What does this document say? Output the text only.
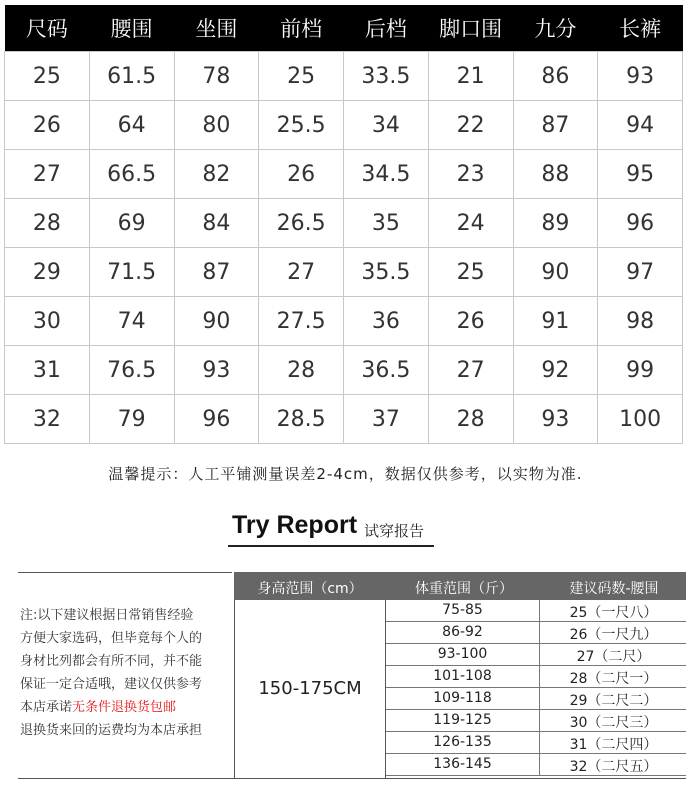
尺码	腰围	坐围	前档	后档	脚口围	九分	长裤
25	61.5	78	25	33.5	21	86	93
26	64	80	25.5	34	22	87	94
27	66.5	82	26	34.5	23	88	95
28	69	84	26.5	35	24	89	96
29	71.5	87	27	35.5	25	90	97
30	74	90	27.5	36	26	91	98
31	76.5	93	28	36.5	27	92	99
32	79	96	28.5	37	28	93	100
温馨提示：人工平铺测量误差2-4cm，数据仅供参考，以实物为准.
Try Report 试穿报告
身高范围（cm）	体重范围（斤）	建议码数-腰围
注:以下建议根据日常销售经验
方便大家选码，但毕竟每个人的
身材比列都会有所不同，并不能
保证一定合适哦，建议仅供参考
本店承诺无条件退换货包邮
退换货来回的运费均为本店承担
150-175CM
75-85	25（一尺八）
86-92	26（一尺九）
93-100	27（二尺）
101-108	28（二尺一）
109-118	29（二尺二）
119-125	30（二尺三）
126-135	31（二尺四）
136-145	32（二尺五）
